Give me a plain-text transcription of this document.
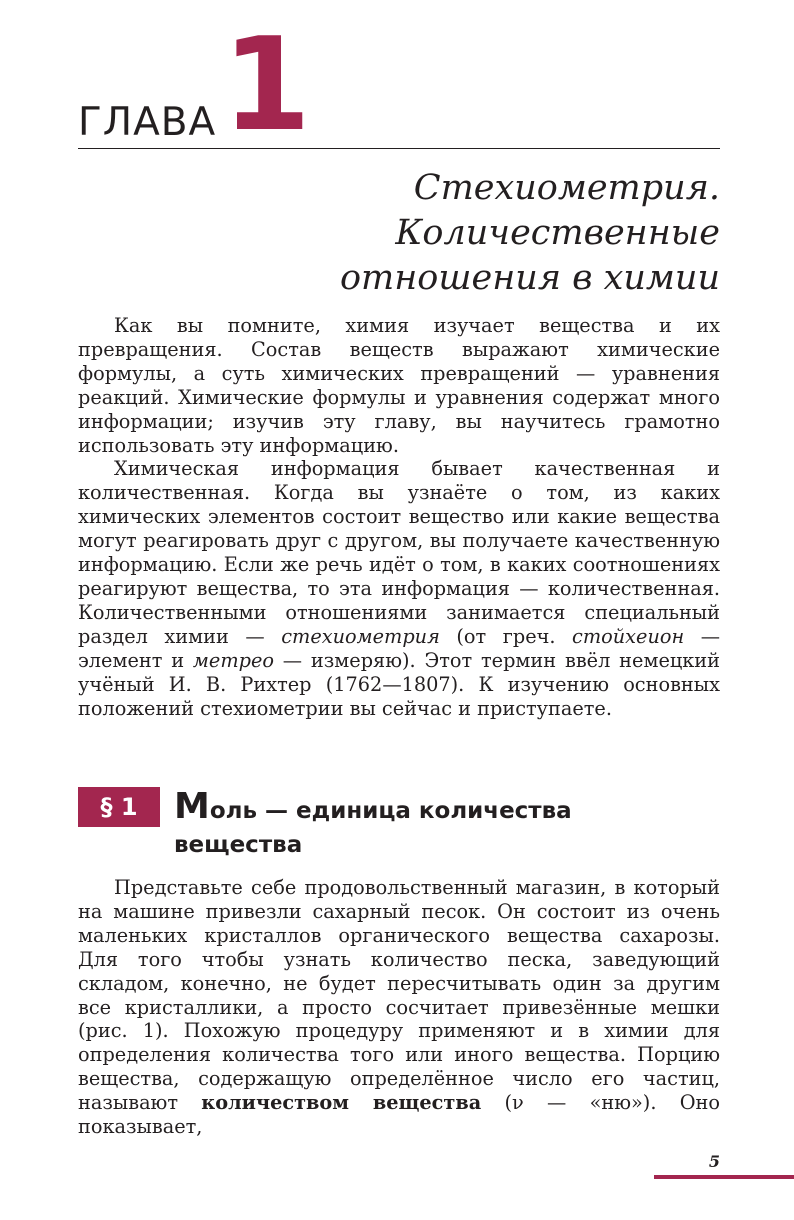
ГЛАВА 1
Стехиометрия.
Количественные
отношения в химии

Как вы помните, химия изучает вещества и их превращения. Состав веществ выражают химические формулы, а суть химических превращений — уравнения реакций. Химические формулы и уравнения содержат много информации; изучив эту главу, вы научитесь грамотно использовать эту информацию.

Химическая информация бывает качественная и количественная. Когда вы узнаёте о том, из каких химических элементов состоит вещество или какие вещества могут реагировать друг с другом, вы получаете качественную информацию. Если же речь идёт о том, в каких соотношениях реагируют вещества, то эта информация — количественная. Количественными отношениями занимается специальный раздел химии — стехиометрия (от греч. стойхеион — элемент и метрео — измеряю). Этот термин ввёл немецкий учёный И. В. Рихтер (1762—1807). К изучению основных положений стехиометрии вы сейчас и приступаете.

§ 1	Моль — единица количества
вещества

Представьте себе продовольственный магазин, в который на машине привезли сахарный песок. Он состоит из очень маленьких кристаллов органического вещества сахарозы. Для того чтобы узнать количество песка, заведующий складом, конечно, не будет пересчитывать один за другим все кристаллики, а просто сосчитает привезённые мешки (рис. 1). Похожую процедуру применяют и в химии для определения количества того или иного вещества. Порцию вещества, содержащую определённое число его частиц, называют количеством вещества (ν — «ню»). Оно показывает,

5
